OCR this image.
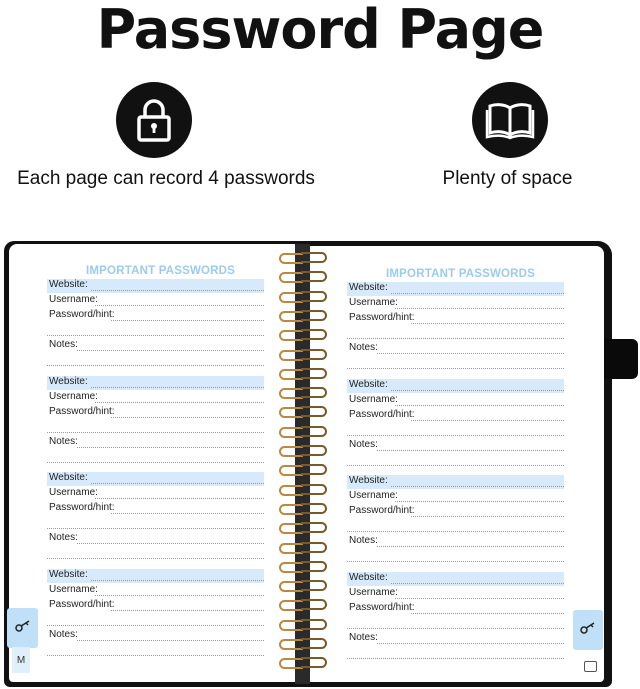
Password Page
Each page can record 4 passwords	Plenty of space
IMPORTANT PASSWORDS
Website:
Username:
Password/hint:
Notes:
Website:
Username:
Password/hint:
Notes:
Website:
Username:
Password/hint:
Notes:
Website:
Username:
Password/hint:
Notes:
IMPORTANT PASSWORDS
Website:
Username:
Password/hint:
Notes:
Website:
Username:
Password/hint:
Notes:
Website:
Username:
Password/hint:
Notes:
Website:
Username:
Password/hint:
Notes:
M
